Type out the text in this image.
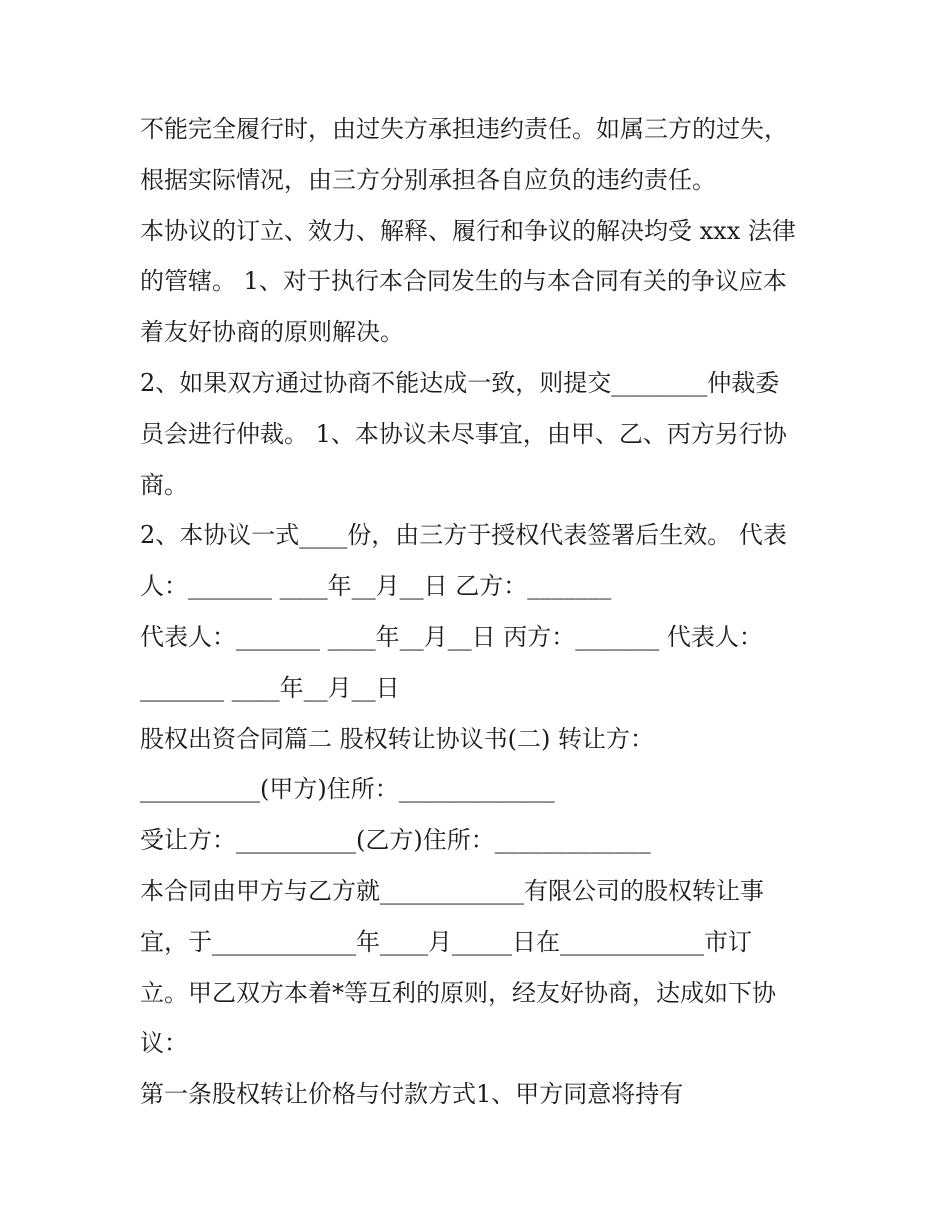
不能完全履行时，由过失方承担违约责任。如属三方的过失，
根据实际情况，由三方分别承担各自应负的违约责任。
本协议的订立、效力、解释、履行和争议的解决均受 xxx 法律
的管辖。 1、对于执行本合同发生的与本合同有关的争议应本
着友好协商的原则解决。
2、如果双方通过协商不能达成一致，则提交________仲裁委
员会进行仲裁。 1、本协议未尽事宜，由甲、乙、丙方另行协
商。
2、本协议一式____份，由三方于授权代表签署后生效。 代表
人：_______ ____年__月__日 乙方：_______
代表人：_______ ____年__月__日 丙方：_______ 代表人：
_______ ____年__月__日
股权出资合同篇二 股权转让协议书(二) 转让方：
__________(甲方)住所：_____________
受让方：__________(乙方)住所：_____________
本合同由甲方与乙方就____________有限公司的股权转让事
宜，于____________年____月_____日在____________市订
立。甲乙双方本着*等互利的原则，经友好协商，达成如下协
议：
第一条股权转让价格与付款方式1、甲方同意将持有
